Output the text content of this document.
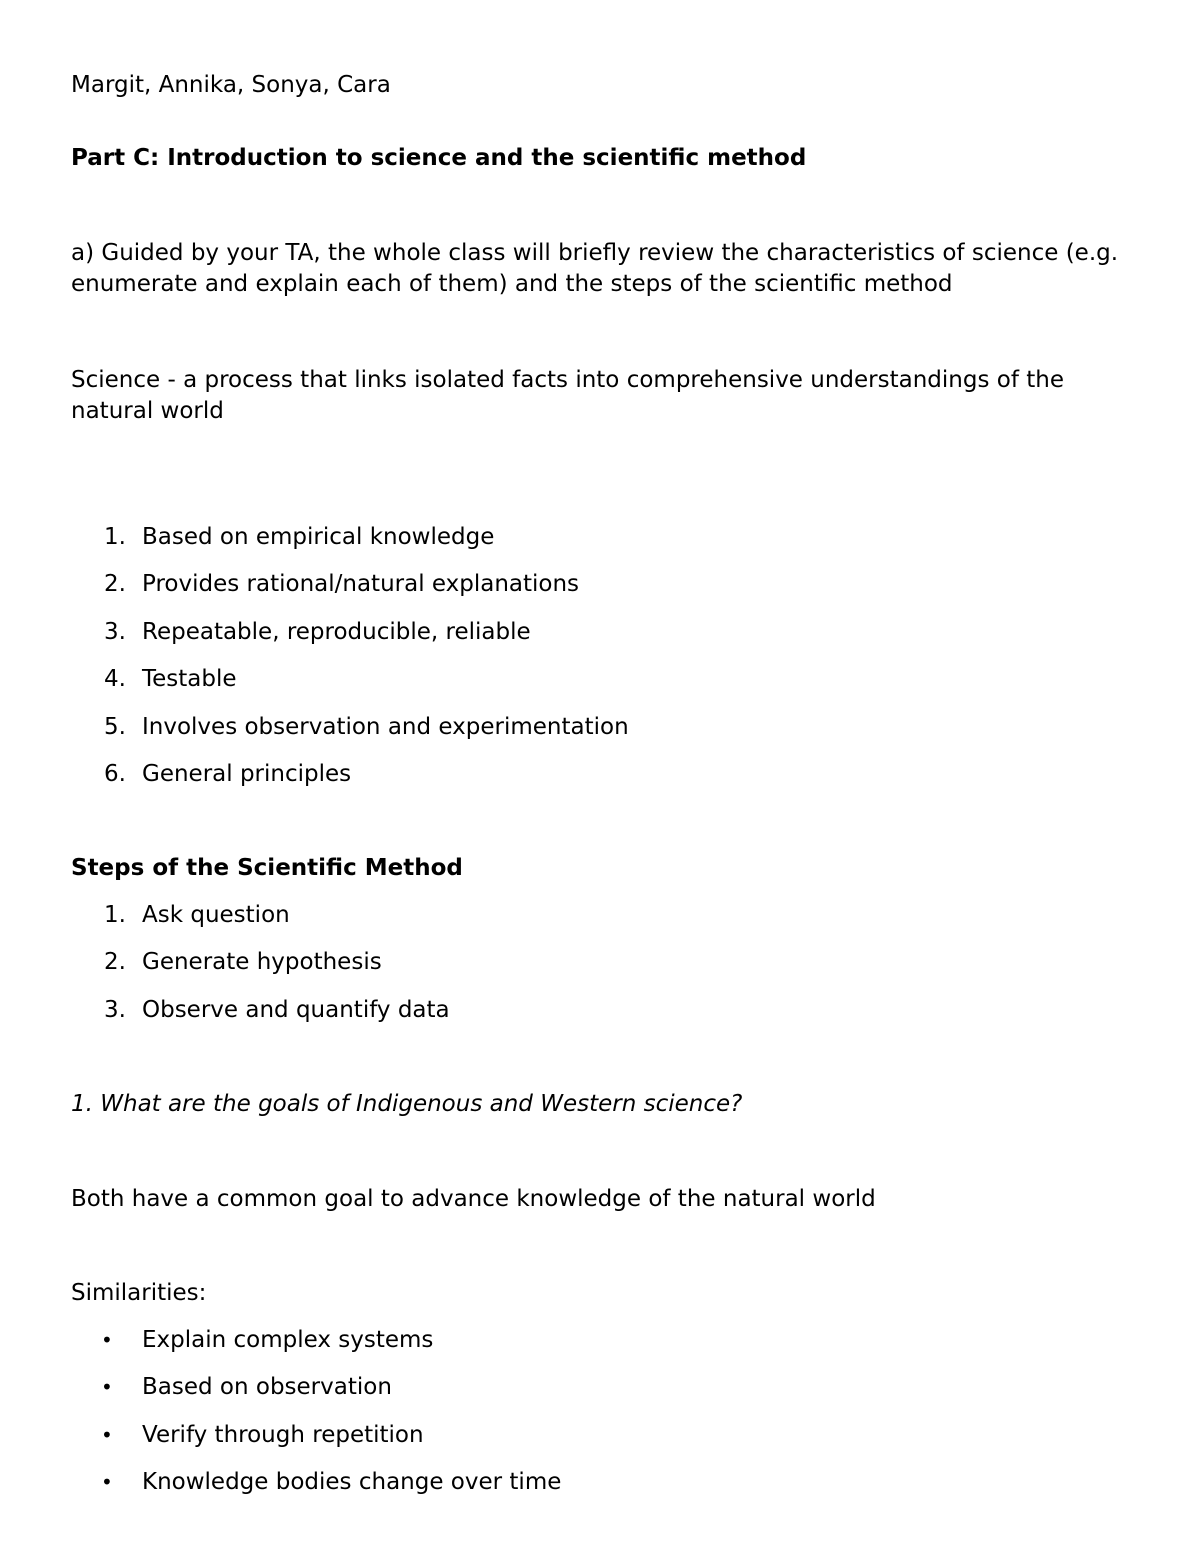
Margit, Annika, Sonya, Cara

Part C: Introduction to science and the scientific method

a) Guided by your TA, the whole class will briefly review the characteristics of science (e.g. enumerate and explain each of them) and the steps of the scientific method

Science - a process that links isolated facts into comprehensive understandings of the natural world

1. Based on empirical knowledge
2. Provides rational/natural explanations
3. Repeatable, reproducible, reliable
4. Testable
5. Involves observation and experimentation
6. General principles

Steps of the Scientific Method

1. Ask question
2. Generate hypothesis
3. Observe and quantify data

1. What are the goals of Indigenous and Western science?

Both have a common goal to advance knowledge of the natural world

Similarities:

•	Explain complex systems
•	Based on observation
•	Verify through repetition
•	Knowledge bodies change over time
